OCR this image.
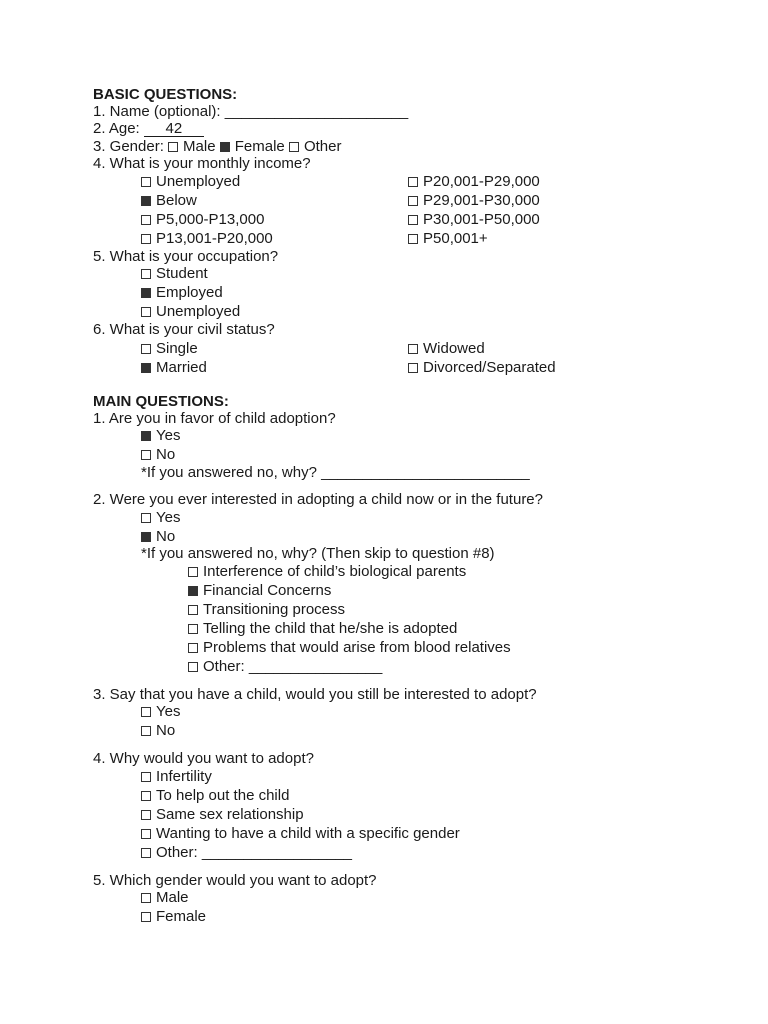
BASIC QUESTIONS:
1. Name (optional): ______________________
2. Age: 42
3. Gender: Male Female Other
4. What is your monthly income?
Unemployed
Below
P5,000-P13,000
P13,001-P20,000
P20,001-P29,000
P29,001-P30,000
P30,001-P50,000
P50,001+
5. What is your occupation?
Student
Employed
Unemployed
6. What is your civil status?
Single
Married
Widowed
Divorced/Separated
MAIN QUESTIONS:
1. Are you in favor of child adoption?
Yes
No
*If you answered no, why? _________________________
2. Were you ever interested in adopting a child now or in the future?
Yes
No
*If you answered no, why? (Then skip to question #8)
Interference of child’s biological parents
Financial Concerns
Transitioning process
Telling the child that he/she is adopted
Problems that would arise from blood relatives
Other: ________________
3. Say that you have a child, would you still be interested to adopt?
Yes
No
4. Why would you want to adopt?
Infertility
To help out the child
Same sex relationship
Wanting to have a child with a specific gender
Other: __________________
5. Which gender would you want to adopt?
Male
Female
